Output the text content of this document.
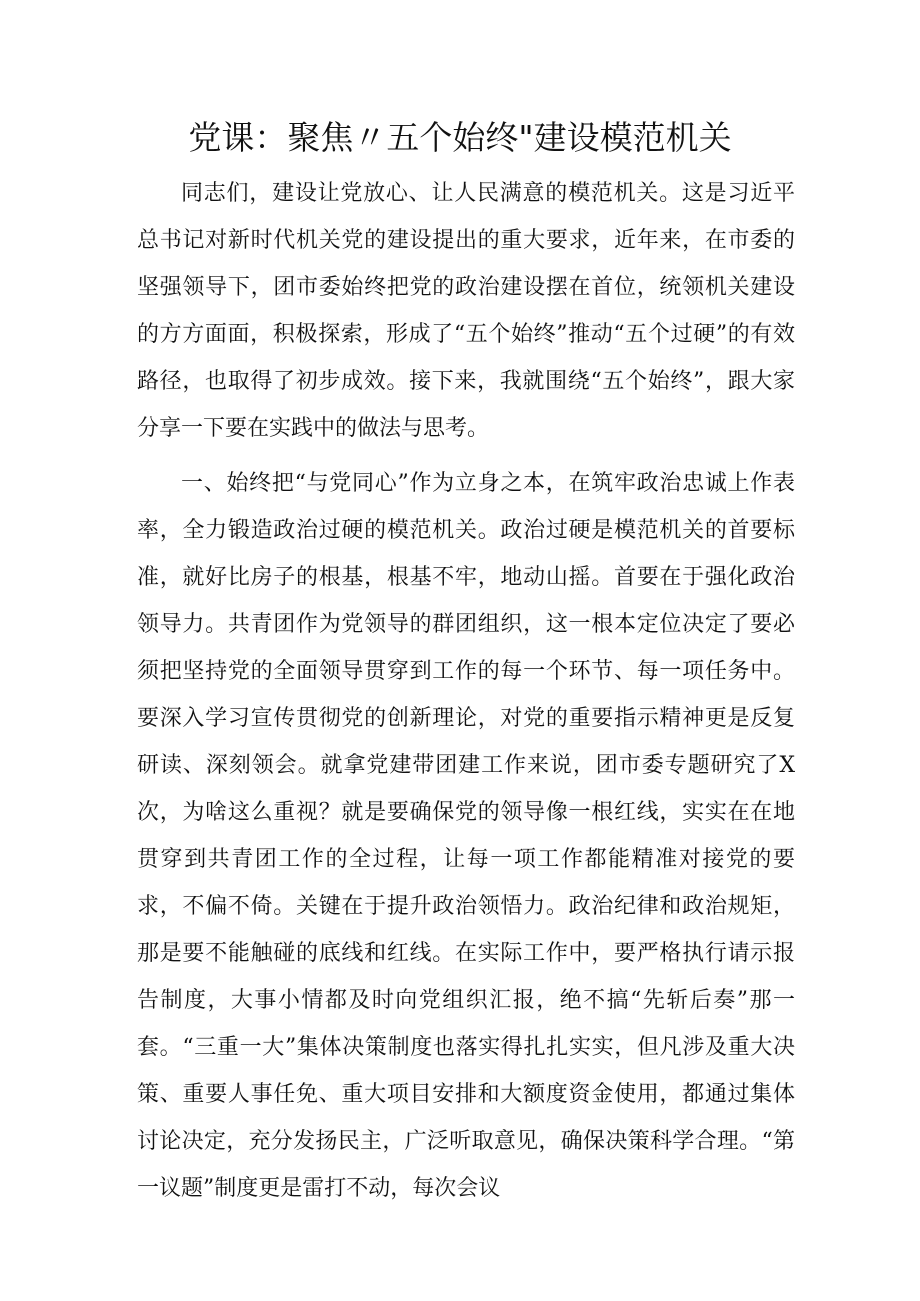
党课：聚焦〃五个始终"建设模范机关

同志们，建设让党放心、让人民满意的模范机关。这是习近平总书记对新时代机关党的建设提出的重大要求，近年来，在市委的坚强领导下，团市委始终把党的政治建设摆在首位，统领机关建设的方方面面，积极探索，形成了“五个始终”推动“五个过硬”的有效路径，也取得了初步成效。接下来，我就围绕“五个始终”，跟大家分享一下要在实践中的做法与思考。

一、始终把“与党同心”作为立身之本，在筑牢政治忠诚上作表率，全力锻造政治过硬的模范机关。政治过硬是模范机关的首要标准，就好比房子的根基，根基不牢，地动山摇。首要在于强化政治领导力。共青团作为党领导的群团组织，这一根本定位决定了要必须把坚持党的全面领导贯穿到工作的每一个环节、每一项任务中。要深入学习宣传贯彻党的创新理论，对党的重要指示精神更是反复研读、深刻领会。就拿党建带团建工作来说，团市委专题研究了X次，为啥这么重视？就是要确保党的领导像一根红线，实实在在地贯穿到共青团工作的全过程，让每一项工作都能精准对接党的要求，不偏不倚。关键在于提升政治领悟力。政治纪律和政治规矩，那是要不能触碰的底线和红线。在实际工作中，要严格执行请示报告制度，大事小情都及时向党组织汇报，绝不搞“先斩后奏”那一套。“三重一大”集体决策制度也落实得扎扎实实，但凡涉及重大决策、重要人事任免、重大项目安排和大额度资金使用，都通过集体讨论决定，充分发扬民主，广泛听取意见，确保决策科学合理。“第一议题”制度更是雷打不动，每次会议
